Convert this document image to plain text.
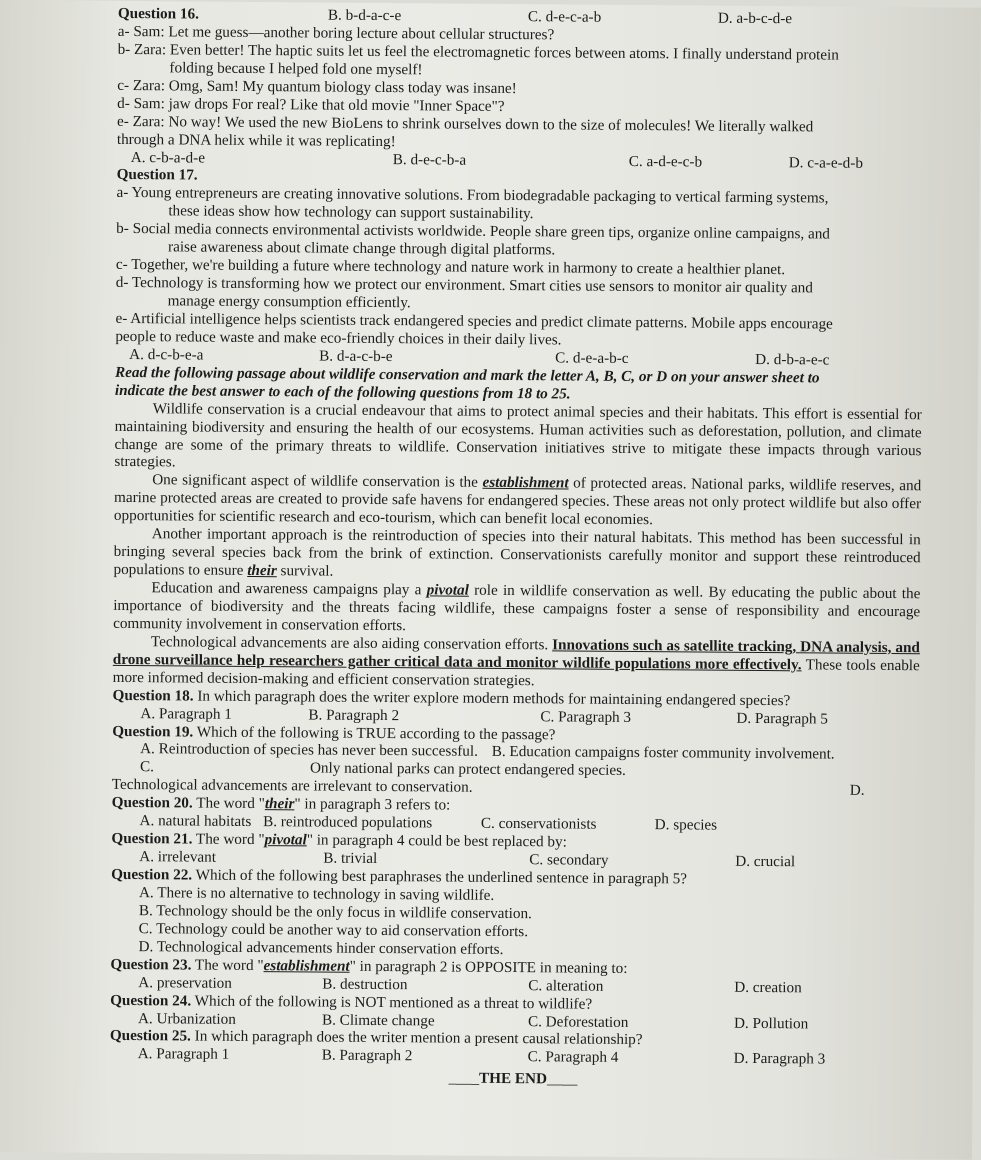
Question 16.	B. b-d-a-c-e	C. d-e-c-a-b	D. a-b-c-d-e
a- Sam: Let me guess—another boring lecture about cellular structures?
b- Zara: Even better! The haptic suits let us feel the electromagnetic forces between atoms. I finally understand protein
folding because I helped fold one myself!
c- Zara: Omg, Sam! My quantum biology class today was insane!
d- Sam: jaw drops For real? Like that old movie "Inner Space"?
e- Zara: No way! We used the new BioLens to shrink ourselves down to the size of molecules! We literally walked
through a DNA helix while it was replicating!
A. c-b-a-d-e	B. d-e-c-b-a	C. a-d-e-c-b	D. c-a-e-d-b
Question 17.
a- Young entrepreneurs are creating innovative solutions. From biodegradable packaging to vertical farming systems,
these ideas show how technology can support sustainability.
b- Social media connects environmental activists worldwide. People share green tips, organize online campaigns, and
raise awareness about climate change through digital platforms.
c- Together, we're building a future where technology and nature work in harmony to create a healthier planet.
d- Technology is transforming how we protect our environment. Smart cities use sensors to monitor air quality and
manage energy consumption efficiently.
e- Artificial intelligence helps scientists track endangered species and predict climate patterns. Mobile apps encourage
people to reduce waste and make eco-friendly choices in their daily lives.
A. d-c-b-e-a	B. d-a-c-b-e	C. d-e-a-b-c	D. d-b-a-e-c
Read the following passage about wildlife conservation and mark the letter A, B, C, or D on your answer sheet to
indicate the best answer to each of the following questions from 18 to 25.
Wildlife conservation is a crucial endeavour that aims to protect animal species and their habitats. This effort is essential for maintaining biodiversity and ensuring the health of our ecosystems. Human activities such as deforestation, pollution, and climate change are some of the primary threats to wildlife. Conservation initiatives strive to mitigate these impacts through various strategies.
One significant aspect of wildlife conservation is the establishment of protected areas. National parks, wildlife reserves, and marine protected areas are created to provide safe havens for endangered species. These areas not only protect wildlife but also offer opportunities for scientific research and eco-tourism, which can benefit local economies.
Another important approach is the reintroduction of species into their natural habitats. This method has been successful in bringing several species back from the brink of extinction. Conservationists carefully monitor and support these reintroduced populations to ensure their survival.
Education and awareness campaigns play a pivotal role in wildlife conservation as well. By educating the public about the importance of biodiversity and the threats facing wildlife, these campaigns foster a sense of responsibility and encourage community involvement in conservation efforts.
Technological advancements are also aiding conservation efforts. Innovations such as satellite tracking, DNA analysis, and drone surveillance help researchers gather critical data and monitor wildlife populations more effectively. These tools enable more informed decision-making and efficient conservation strategies.
Question 18. In which paragraph does the writer explore modern methods for maintaining endangered species?
A. Paragraph 1	B. Paragraph 2	C. Paragraph 3	D. Paragraph 5
Question 19. Which of the following is TRUE according to the passage?
A. Reintroduction of species has never been successful. B. Education campaigns foster community involvement.
C.	Only national parks can protect endangered species.
Technological advancements are irrelevant to conservation.	D.
Question 20. The word "their" in paragraph 3 refers to:
A. natural habitats B. reintroduced populations	C. conservationists	D. species
Question 21. The word "pivotal" in paragraph 4 could be best replaced by:
A. irrelevant	B. trivial	C. secondary	D. crucial
Question 22. Which of the following best paraphrases the underlined sentence in paragraph 5?
A. There is no alternative to technology in saving wildlife.
B. Technology should be the only focus in wildlife conservation.
C. Technology could be another way to aid conservation efforts.
D. Technological advancements hinder conservation efforts.
Question 23. The word "establishment" in paragraph 2 is OPPOSITE in meaning to:
A. preservation	B. destruction	C. alteration	D. creation
Question 24. Which of the following is NOT mentioned as a threat to wildlife?
A. Urbanization	B. Climate change	C. Deforestation	D. Pollution
Question 25. In which paragraph does the writer mention a present causal relationship?
A. Paragraph 1	B. Paragraph 2	C. Paragraph 4	D. Paragraph 3
____ THE END ____
